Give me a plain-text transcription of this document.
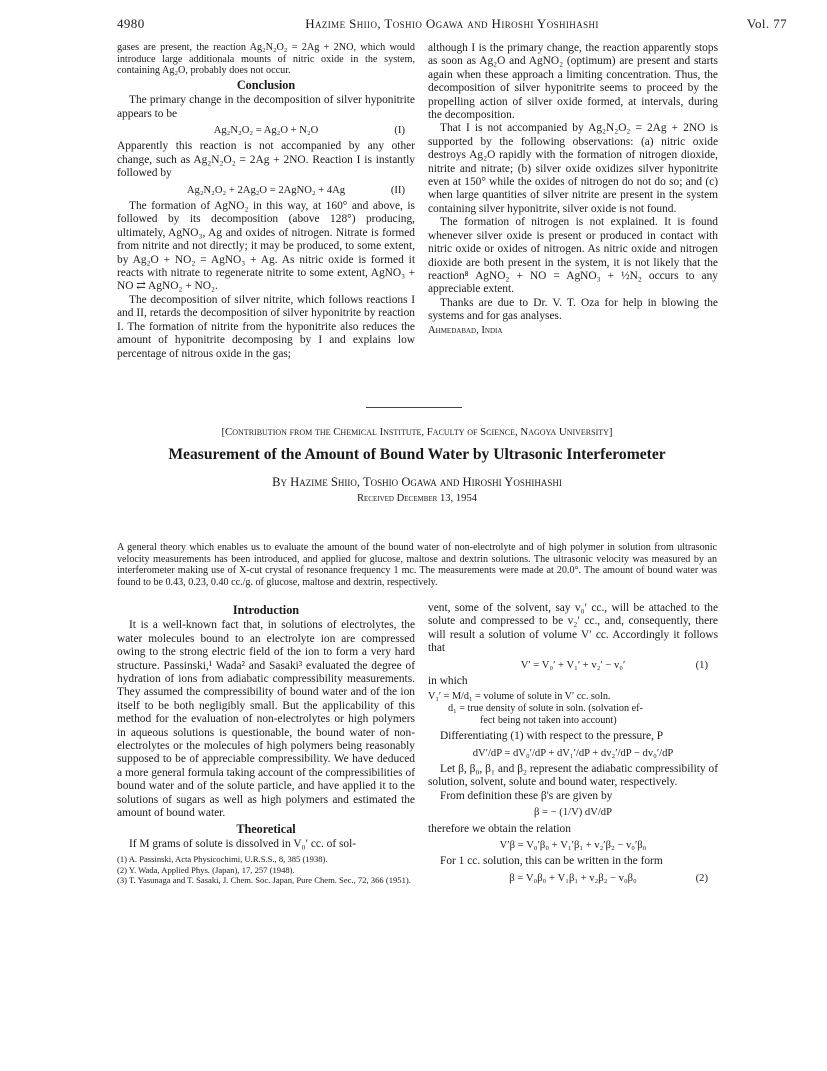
4980	Hazime Shiio, Toshio Ogawa and Hiroshi Yoshihashi	Vol. 77

gases are present, the reaction Ag₂N₂O₂ = 2Ag + 2NO, which would introduce large additionala mounts of nitric oxide in the system, containing Ag₂O, probably does not occur.

Conclusion

The primary change in the decomposition of silver hyponitrite appears to be

Ag₂N₂O₂ = Ag₂O + N₂O	(I)

Apparently this reaction is not accompanied by any other change, such as Ag₂N₂O₂ = 2Ag + 2NO. Reaction I is instantly followed by

Ag₂N₂O₂ + 2Ag₂O = 2AgNO₂ + 4Ag	(II)

The formation of AgNO₂ in this way, at 160° and above, is followed by its decomposition (above 128°) producing, ultimately, AgNO₃, Ag and oxides of nitrogen. Nitrate is formed from nitrite and not directly; it may be produced, to some extent, by Ag₂O + NO₂ = AgNO₃ + Ag. As nitric oxide is formed it reacts with nitrate to regenerate nitrite to some extent, AgNO₃ + NO ⇄ AgNO₂ + NO₂.

The decomposition of silver nitrite, which follows reactions I and II, retards the decomposition of silver hyponitrite by reaction I. The formation of nitrite from the hyponitrite also reduces the amount of hyponitrite decomposing by I and explains low percentage of nitrous oxide in the gas;

although I is the primary change, the reaction apparently stops as soon as Ag₂O and AgNO₂ (optimum) are present and starts again when these approach a limiting concentration. Thus, the decomposition of silver hyponitrite seems to proceed by the propelling action of silver oxide formed, at intervals, during the decomposition.

That I is not accompanied by Ag₂N₂O₂ = 2Ag + 2NO is supported by the following observations: (a) nitric oxide destroys Ag₂O rapidly with the formation of nitrogen dioxide, nitrite and nitrate; (b) silver oxide oxidizes silver hyponitrite even at 150° while the oxides of nitrogen do not do so; and (c) when large quantities of silver nitrite are present in the system containing silver hyponitrite, silver oxide is not found.

The formation of nitrogen is not explained. It is found whenever silver oxide is present or produced in contact with nitric oxide or oxides of nitrogen. As nitric oxide and nitrogen dioxide are both present in the system, it is not likely that the reaction⁸ AgNO₂ + NO = AgNO₃ + ½N₂ occurs to any appreciable extent.

Thanks are due to Dr. V. T. Oza for help in blowing the systems and for gas analyses.

Ahmedabad, India

[Contribution from the Chemical Institute, Faculty of Science, Nagoya University]
Measurement of the Amount of Bound Water by Ultrasonic Interferometer
By Hazime Shiio, Toshio Ogawa and Hiroshi Yoshihashi
Received December 13, 1954
A general theory which enables us to evaluate the amount of the bound water of non-electrolyte and of high polymer in solution from ultrasonic velocity measurements has been introduced, and applied for glucose, maltose and dextrin solutions. The ultrasonic velocity was measured by an interferometer making use of X-cut crystal of resonance frequency 1 mc. The measurements were made at 20.0°. The amount of bound water was found to be 0.43, 0.23, 0.40 cc./g. of glucose, maltose and dextrin, respectively.
Introduction

It is a well-known fact that, in solutions of electrolytes, the water molecules bound to an electrolyte ion are compressed owing to the strong electric field of the ion to form a very hard structure. Passinski,¹ Wada² and Sasaki³ evaluated the degree of hydration of ions from adiabatic compressibility measurements. They assumed the compressibility of bound water and of the ion itself to be both negligibly small. But the applicability of this method for the evaluation of non-electrolytes or high polymers in aqueous solutions is questionable, the bound water of non-electrolytes or the molecules of high polymers being reasonably supposed to be of appreciable compressibility. We have deduced a more general formula taking account of the compressibilities of bound water and of the solute particle, and have applied it to the solutions of sugars as well as high polymers and estimated the amount of bound water.

Theoretical

If M grams of solute is dissolved in V₀′ cc. of sol-

(1) A. Passinski, Acta Physicochimi, U.R.S.S., 8, 385 (1938).
(2) Y. Wada, Applied Phys. (Japan), 17, 257 (1948).
(3) T. Yasunaga and T. Sasaki, J. Chem. Soc. Japan, Pure Chem. Sec., 72, 366 (1951).

vent, some of the solvent, say v₀′ cc., will be attached to the solute and compressed to be v₂′ cc., and, consequently, there will result a solution of volume V′ cc. Accordingly it follows that

V′ = V₀′ + V₁′ + v₂′ − v₀′	(1)

in which

V₁′ = M/d₁ = volume of solute in V′ cc. soln.
d₁ = true density of solute in soln. (solvation ef-
fect being not taken into account)

Differentiating (1) with respect to the pressure, P

dV′/dP = dV₀′/dP + dV₁′/dP + dv₂′/dP − dv₀′/dP

Let β, β₀, β₁ and β₂ represent the adiabatic compressibility of solution, solvent, solute and bound water, respectively.

From definition these β's are given by

β = − (1/V) dV/dP

therefore we obtain the relation

V′β = V₀′β₀ + V₁′β₁ + v₂′β₂ − v₀′β₀

For 1 cc. solution, this can be written in the form

β = V₀β₀ + V₁β₁ + v₂β₂ − v₀β₀	(2)
